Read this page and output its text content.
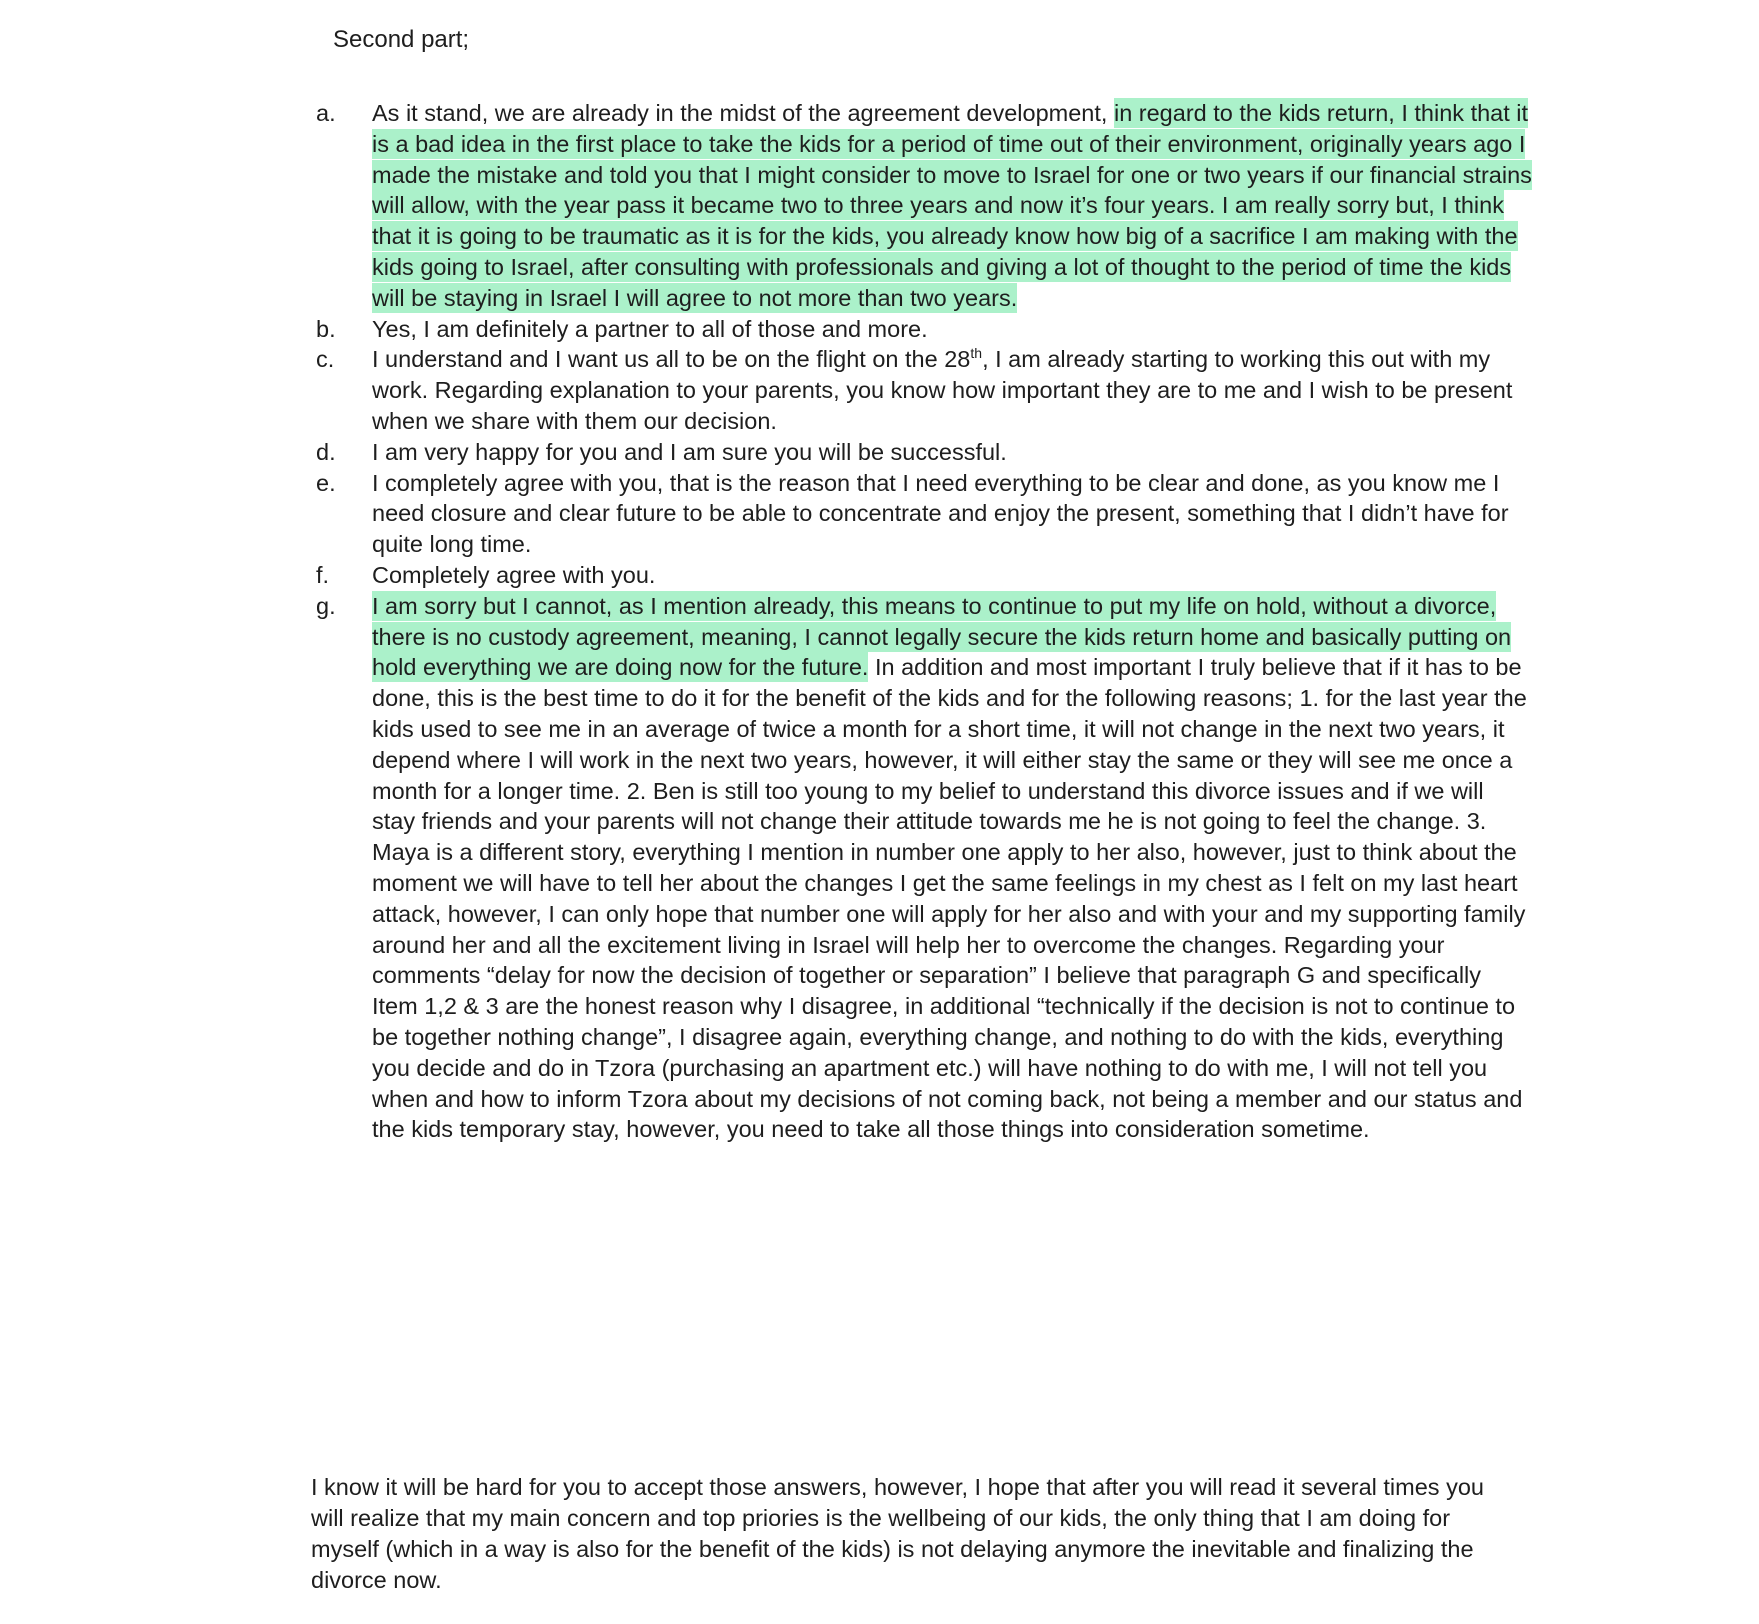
Second part;
a.	As it stand, we are already in the midst of the agreement development, in regard to the kids return, I think that it is a bad idea in the first place to take the kids for a period of time out of their environment, originally years ago I made the mistake and told you that I might consider to move to Israel for one or two years if our financial strains will allow, with the year pass it became two to three years and now it’s four years. I am really sorry but, I think that it is going to be traumatic as it is for the kids, you already know how big of a sacrifice I am making with the kids going to Israel, after consulting with professionals and giving a lot of thought to the period of time the kids will be staying in Israel I will agree to not more than two years.
b.	Yes, I am definitely a partner to all of those and more.
c.	I understand and I want us all to be on the flight on the 28th, I am already starting to working this out with my work. Regarding explanation to your parents, you know how important they are to me and I wish to be present when we share with them our decision.
d.	I am very happy for you and I am sure you will be successful.
e.	I completely agree with you, that is the reason that I need everything to be clear and done, as you know me I need closure and clear future to be able to concentrate and enjoy the present, something that I didn’t have for quite long time.
f.	Completely agree with you.
g.	I am sorry but I cannot, as I mention already, this means to continue to put my life on hold, without a divorce, there is no custody agreement, meaning, I cannot legally secure the kids return home and basically putting on hold everything we are doing now for the future. In addition and most important I truly believe that if it has to be done, this is the best time to do it for the benefit of the kids and for the following reasons; 1. for the last year the kids used to see me in an average of twice a month for a short time, it will not change in the next two years, it depend where I will work in the next two years, however, it will either stay the same or they will see me once a month for a longer time. 2. Ben is still too young to my belief to understand this divorce issues and if we will stay friends and your parents will not change their attitude towards me he is not going to feel the change. 3. Maya is a different story, everything I mention in number one apply to her also, however, just to think about the moment we will have to tell her about the changes I get the same feelings in my chest as I felt on my last heart attack, however, I can only hope that number one will apply for her also and with your and my supporting family around her and all the excitement living in Israel will help her to overcome the changes. Regarding your comments “delay for now the decision of together or separation” I believe that paragraph G and specifically Item 1,2 & 3 are the honest reason why I disagree, in additional “technically if the decision is not to continue to be together nothing change”, I disagree again, everything change, and nothing to do with the kids, everything you decide and do in Tzora (purchasing an apartment etc.) will have nothing to do with me, I will not tell you when and how to inform Tzora about my decisions of not coming back, not being a member and our status and the kids temporary stay, however, you need to take all those things into consideration sometime.

I know it will be hard for you to accept those answers, however, I hope that after you will read it several times you will realize that my main concern and top priories is the wellbeing of our kids, the only thing that I am doing for myself (which in a way is also for the benefit of the kids) is not delaying anymore the inevitable and finalizing the divorce now.
